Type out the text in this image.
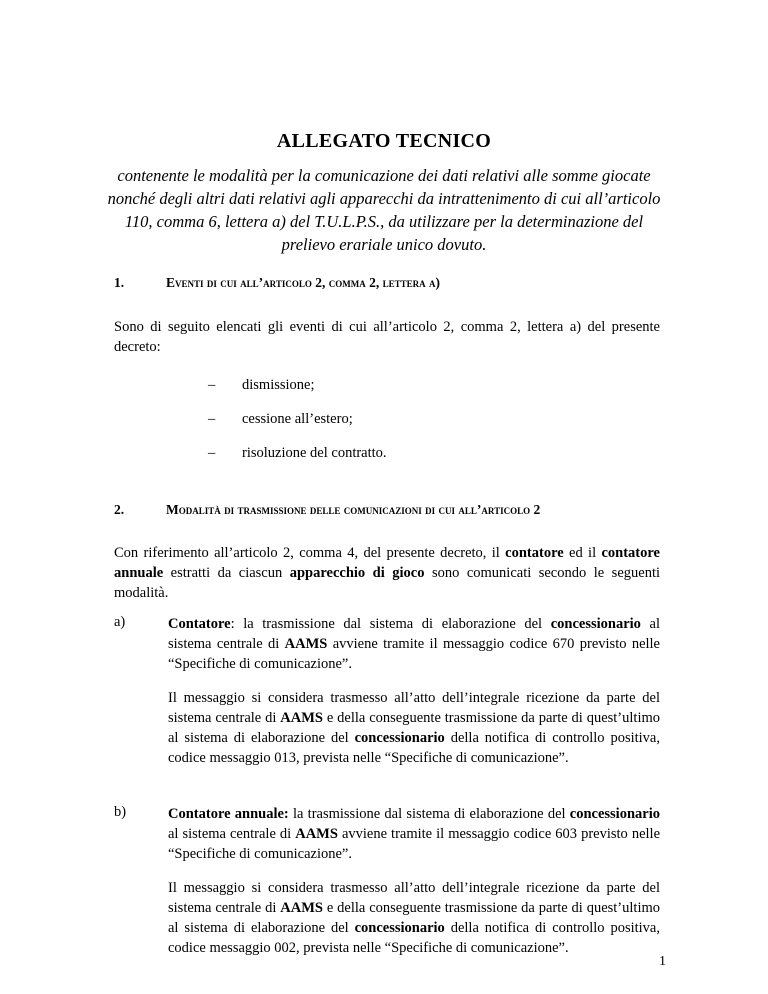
ALLEGATO TECNICO
contenente le modalità per la comunicazione dei dati relativi alle somme giocate nonché degli altri dati relativi agli apparecchi da intrattenimento di cui all’articolo 110, comma 6, lettera a) del T.U.L.P.S., da utilizzare per la determinazione del prelievo erariale unico dovuto.
1.	Eventi di cui all’articolo 2, comma 2, lettera a)
Sono di seguito elencati gli eventi di cui all’articolo 2, comma 2, lettera a) del presente decreto:
– dismissione;
– cessione all’estero;
– risoluzione del contratto.
2.	Modalità di trasmissione delle comunicazioni di cui all’articolo 2
Con riferimento all’articolo 2, comma 4, del presente decreto, il contatore ed il contatore annuale estratti da ciascun apparecchio di gioco sono comunicati secondo le seguenti modalità.
a)	Contatore: la trasmissione dal sistema di elaborazione del concessionario al sistema centrale di AAMS avviene tramite il messaggio codice 670 previsto nelle “Specifiche di comunicazione”.
Il messaggio si considera trasmesso all’atto dell’integrale ricezione da parte del sistema centrale di AAMS e della conseguente trasmissione da parte di quest’ultimo al sistema di elaborazione del concessionario della notifica di controllo positiva, codice messaggio 013, prevista nelle “Specifiche di comunicazione”.
b)	Contatore annuale: la trasmissione dal sistema di elaborazione del concessionario al sistema centrale di AAMS avviene tramite il messaggio codice 603 previsto nelle “Specifiche di comunicazione”.
Il messaggio si considera trasmesso all’atto dell’integrale ricezione da parte del sistema centrale di AAMS e della conseguente trasmissione da parte di quest’ultimo al sistema di elaborazione del concessionario della notifica di controllo positiva, codice messaggio 002, prevista nelle “Specifiche di comunicazione”.
1
